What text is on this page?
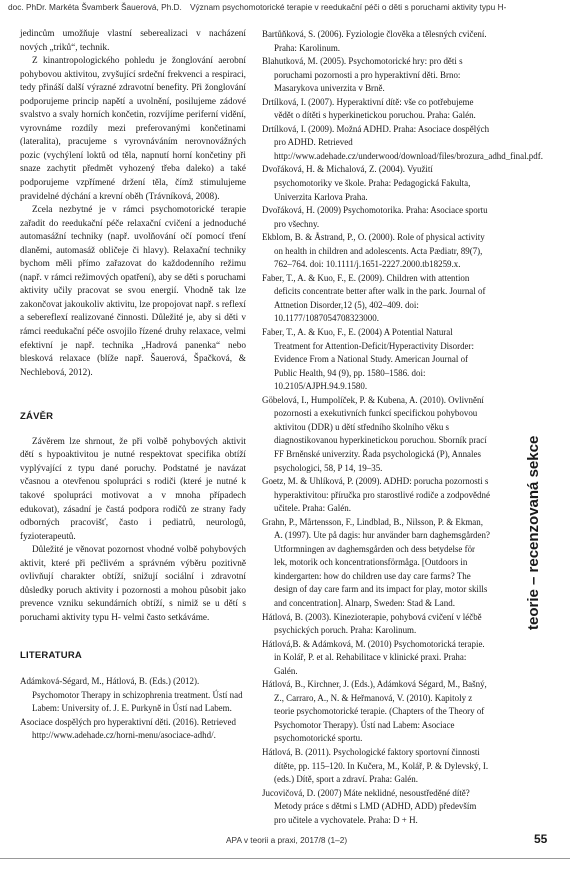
doc. PhDr. Markéta Švamberk Šauerová, Ph.D. Význam psychomotorické terapie v reedukační péči o děti s poruchami aktivity typu H-

jedincům umožňuje vlastní seberealizaci v nacházení nových „triků“, technik.

Z kinantropologického pohledu je žonglování aerobní pohybovou aktivitou, zvyšující srdeční frekvenci a respiraci, tedy přináší další výrazné zdravotní benefity. Při žonglování podporujeme princip napětí a uvolnění, posilujeme zádové svalstvo a svaly horních končetin, rozvíjíme periferní vidění, vyrovnáme rozdíly mezi preferovanými končetinami (lateralita), pracujeme s vyrovnáváním nerovnovážných pozic (vychýlení loktů od těla, napnutí horní končetiny při snaze zachytit předmět vyhozený třeba daleko) a také podporujeme vzpřímené držení těla, čímž stimulujeme pravidelné dýchání a krevní oběh (Trávníková, 2008).

Zcela nezbytné je v rámci psychomotorické terapie zařadit do reedukační péče relaxační cvičení a jednoduché automasážní techniky (např. uvolňování očí pomocí tření dlaněmi, automasáž obličeje či hlavy). Relaxační techniky bychom měli přímo zařazovat do každodenního režimu (např. v rámci režimových opatření), aby se děti s poruchami aktivity učily pracovat se svou energií. Vhodně tak lze zakončovat jakoukoliv aktivitu, lze propojovat např. s reflexí a sebereflexí realizované činnosti. Důležité je, aby si děti v rámci reedukační péče osvojilo řízené druhy relaxace, velmi efektivní je např. technika „Hadrová panenka“ nebo blesková relaxace (blíže např. Šauerová, Špačková, & Nechlebová, 2012).

ZÁVĚR

Závěrem lze shrnout, že při volbě pohybových aktivit dětí s hypoaktivitou je nutné respektovat specifika obtíží vyplývající z typu dané poruchy. Podstatné je navázat včasnou a otevřenou spolupráci s rodiči (které je nutné k takové spolupráci motivovat a v mnoha případech edukovat), zásadní je častá podpora rodičů ze strany řady odborných pracovišť, často i pediatrů, neurologů, fyzioterapeutů.

Důležité je věnovat pozornost vhodné volbě pohybových aktivit, které při pečlivém a správném výběru pozitivně ovlivňují charakter obtíží, snižují sociální i zdravotní důsledky poruch aktivity i pozornosti a mohou působit jako prevence vzniku sekundárních obtíží, s nimiž se u dětí s poruchami aktivity typu H- velmi často setkáváme.

LITERATURA

Adámková-Ségard, M., Hátlová, B. (Eds.) (2012). Psychomotor Therapy in schizophrenia treatment. Ústí nad Labem: University of. J. E. Purkyně in Ústí nad Labem.

Asociace dospělých pro hyperaktivní děti. (2016). Retrieved http://www.adehade.cz/horni-menu/asociace-adhd/.

Bartůňková, S. (2006). Fyziologie člověka a tělesných cvičení. Praha: Karolinum.

Blahutková, M. (2005). Psychomotorické hry: pro děti s poruchami pozornosti a pro hyperaktivní děti. Brno: Masarykova univerzita v Brně.

Drtílková, I. (2007). Hyperaktivní dítě: vše co potřebujeme vědět o dítěti s hyperkinetickou poruchou. Praha: Galén.

Drtílková, I. (2009). Možná ADHD. Praha: Asociace dospělých pro ADHD. Retrieved http://www.adehade.cz/underwood/download/files/brozura_adhd_final.pdf.

Dvořáková, H. & Michalová, Z. (2004). Využití psychomotoriky ve škole. Praha: Pedagogická Fakulta, Univerzita Karlova Praha.

Dvořáková, H. (2009) Psychomotorika. Praha: Asociace sportu pro všechny.

Ekblom, B. & Åstrand, P., O. (2000). Role of physical activity on health in children and adolescents. Acta Pædiatr, 89(7), 762–764. doi: 10.1111/j.1651-2227.2000.tb18259.x.

Faber, T., A. & Kuo, F., E. (2009). Children with attention deficits concentrate better after walk in the park. Journal of Attnetion Disorder,12 (5), 402–409. doi: 10.1177/1087054708323000.

Faber, T., A. & Kuo, F., E. (2004) A Potential Natural Treatment for Attention-Deficit/Hyperactivity Disorder: Evidence From a National Study. American Journal of Public Health, 94 (9), pp. 1580–1586. doi: 10.2105/AJPH.94.9.1580.

Göbelová, I., Humpolíček, P. & Kubena, A. (2010). Ovlivnění pozornosti a exekutivních funkcí specifickou pohybovou aktivitou (DDR) u dětí středního školního věku s diagnostikovanou hyperkinetickou poruchou. Sborník prací FF Brněnské univerzity. Řada psychologická (P), Annales psychologici, 58, P 14, 19–35.

Goetz, M. & Uhlíková, P. (2009). ADHD: porucha pozornosti s hyperaktivitou: příručka pro starostlivé rodiče a zodpovědné učitele. Praha: Galén.

Grahn, P., Mårtensson, F., Lindblad, B., Nilsson, P. & Ekman, A. (1997). Ute på dagis: hur använder barn daghemsgården? Utformningen av daghemsgården och dess betydelse för lek, motorik och koncentrationsförmåga. [Outdoors in kindergarten: how do children use day care farms? The design of day care farm and its impact for play, motor skills and concentration]. Alnarp, Sweden: Stad & Land.

Hátlová, B. (2003). Kinezioterapie, pohybová cvičení v léčbě psychických poruch. Praha: Karolinum.

Hátlová,B. & Adámková, M. (2010) Psychomotorická terapie. in Kolář, P. et al. Rehabilitace v klinické praxi. Praha: Galén.

Hátlová, B., Kirchner, J. (Eds.), Adámková Ségard, M., Bašný, Z., Carraro, A., N. & Heřmanová, V. (2010). Kapitoly z teorie psychomotorické terapie. (Chapters of the Theory of Psychomotor Therapy). Ústí nad Labem: Asociace psychomotorické sportu.

Hátlová, B. (2011). Psychologické faktory sportovní činnosti dítěte, pp. 115–120. In Kučera, M., Kolář, P. & Dylevský, I. (eds.) Dítě, sport a zdraví. Praha: Galén.

Jucovičová, D. (2007) Máte neklidné, nesoustředěné dítě? Metody práce s dětmi s LMD (ADHD, ADD) především pro učitele a vychovatele. Praha: D + H.

teorie – recenzovaná sekce
APA v teorii a praxi, 2017/8 (1–2)	55
